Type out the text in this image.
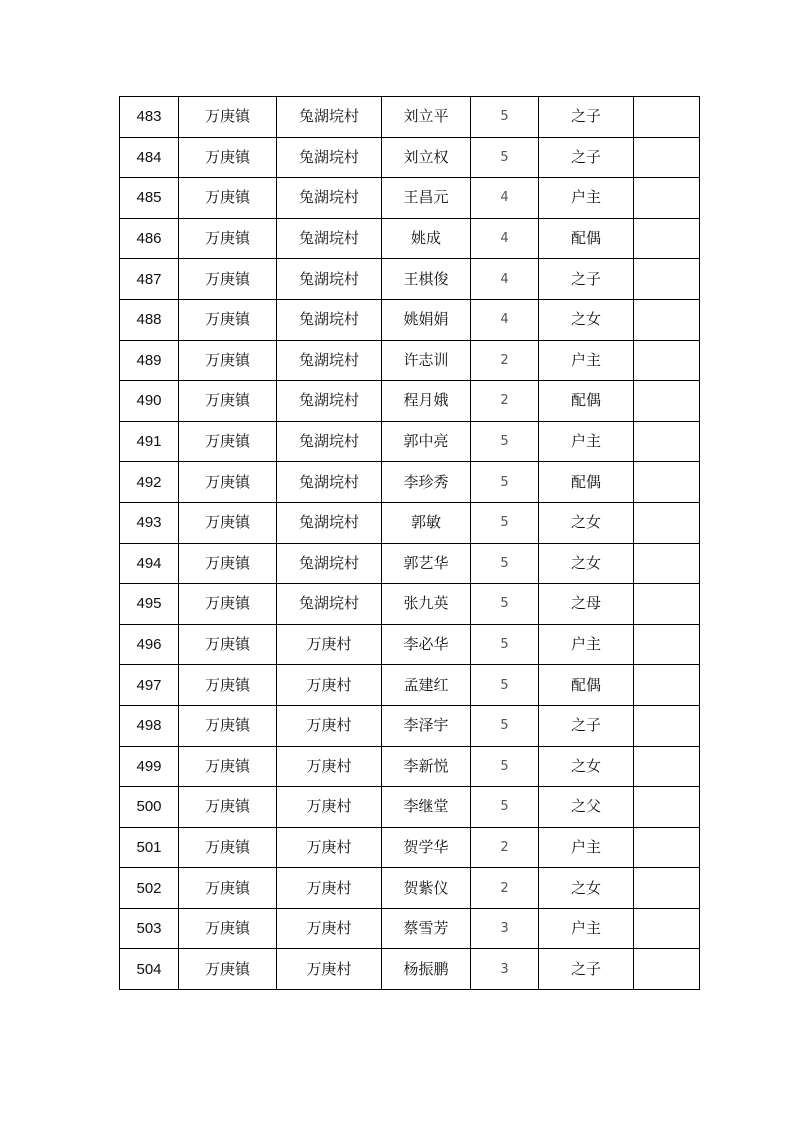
483	万庚镇	兔湖垸村	刘立平	5	之子	
484	万庚镇	兔湖垸村	刘立权	5	之子	
485	万庚镇	兔湖垸村	王昌元	4	户主	
486	万庚镇	兔湖垸村	姚成	4	配偶	
487	万庚镇	兔湖垸村	王棋俊	4	之子	
488	万庚镇	兔湖垸村	姚娟娟	4	之女	
489	万庚镇	兔湖垸村	许志训	2	户主	
490	万庚镇	兔湖垸村	程月娥	2	配偶	
491	万庚镇	兔湖垸村	郭中亮	5	户主	
492	万庚镇	兔湖垸村	李珍秀	5	配偶	
493	万庚镇	兔湖垸村	郭敏	5	之女	
494	万庚镇	兔湖垸村	郭艺华	5	之女	
495	万庚镇	兔湖垸村	张九英	5	之母	
496	万庚镇	万庚村	李必华	5	户主	
497	万庚镇	万庚村	孟建红	5	配偶	
498	万庚镇	万庚村	李泽宇	5	之子	
499	万庚镇	万庚村	李新悦	5	之女	
500	万庚镇	万庚村	李继堂	5	之父	
501	万庚镇	万庚村	贺学华	2	户主	
502	万庚镇	万庚村	贺紫仪	2	之女	
503	万庚镇	万庚村	蔡雪芳	3	户主	
504	万庚镇	万庚村	杨振鹏	3	之子	
